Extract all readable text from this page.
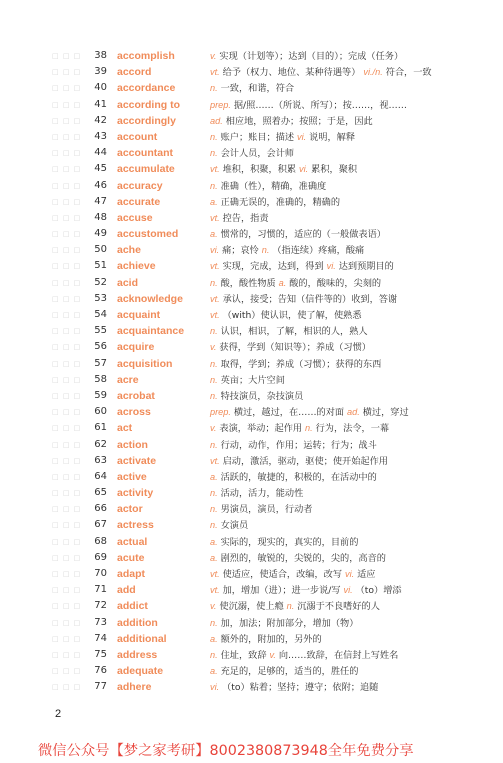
□ □ □	38 accomplish	v. 实现（计划等）；达到（目的）；完成（任务）
□ □ □	39 accord	vt. 给予（权力、地位、某种待遇等） vi./n. 符合，一致
□ □ □	40 accordance	n. 一致，和谐，符合
□ □ □	41 according to	prep. 据/照……（所说、所写）；按……，视……
□ □ □	42 accordingly	ad. 相应地，照着办；按照；于是，因此
□ □ □	43 account	n. 账户；账目；描述 vi. 说明，解释
□ □ □	44 accountant	n. 会计人员，会计师
□ □ □	45 accumulate	vt. 堆积，积聚，积累 vi. 累积，聚积
□ □ □	46 accuracy	n. 准确（性），精确，准确度
□ □ □	47 accurate	a. 正确无误的，准确的，精确的
□ □ □	48 accuse	vt. 控告，指责
□ □ □	49 accustomed	a. 惯常的，习惯的，适应的（一般做表语）
□ □ □	50 ache	vi. 痛；哀怜 n. （指连续）疼痛，酸痛
□ □ □	51 achieve	vt. 实现，完成，达到，得到 vi. 达到预期目的
□ □ □	52 acid	n. 酸，酸性物质 a. 酸的，酸味的，尖刻的
□ □ □	53 acknowledge	vt. 承认，接受；告知（信件等的）收到，答谢
□ □ □	54 acquaint	vt. （with）使认识，使了解，使熟悉
□ □ □	55 acquaintance	n. 认识，相识，了解，相识的人，熟人
□ □ □	56 acquire	v. 获得，学到（知识等）；养成（习惯）
□ □ □	57 acquisition	n. 取得，学到；养成（习惯）；获得的东西
□ □ □	58 acre	n. 英亩；大片空间
□ □ □	59 acrobat	n. 特技演员，杂技演员
□ □ □	60 across	prep. 横过，越过，在……的对面 ad. 横过，穿过
□ □ □	61 act	v. 表演，举动；起作用 n. 行为，法令，一幕
□ □ □	62 action	n. 行动，动作，作用；运转；行为；战斗
□ □ □	63 activate	vt. 启动，激活，驱动，驱使；使开始起作用
□ □ □	64 active	a. 活跃的，敏捷的，积极的，在活动中的
□ □ □	65 activity	n. 活动，活力，能动性
□ □ □	66 actor	n. 男演员，演员，行动者
□ □ □	67 actress	n. 女演员
□ □ □	68 actual	a. 实际的，现实的，真实的，目前的
□ □ □	69 acute	a. 剧烈的，敏锐的，尖锐的，尖的，高音的
□ □ □	70 adapt	vt. 使适应，使适合，改编，改写 vi. 适应
□ □ □	71 add	vt. 加，增加（进）；进一步说/写 vi. （to）增添
□ □ □	72 addict	v. 使沉溺，使上瘾 n. 沉溺于不良嗜好的人
□ □ □	73 addition	n. 加，加法；附加部分，增加（物）
□ □ □	74 additional	a. 额外的，附加的，另外的
□ □ □	75 address	n. 住址，致辞 v. 向……致辞，在信封上写姓名
□ □ □	76 adequate	a. 充足的，足够的，适当的，胜任的
□ □ □	77 adhere	vi. （to）粘着；坚持；遵守；依附；追随
2
微信公众号【梦之家考研】8002380873948全年免费分享
